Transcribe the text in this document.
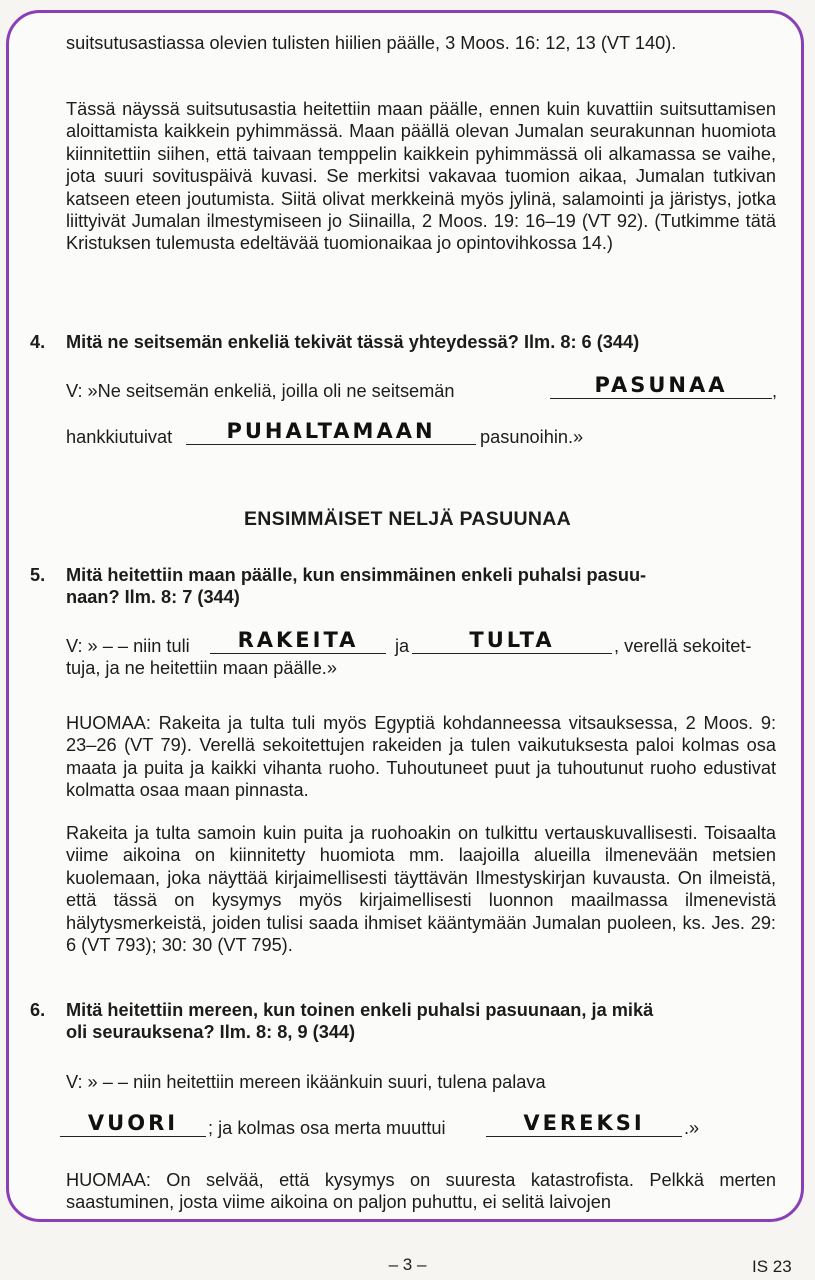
suitsutusastiassa olevien tulisten hiilien päälle, 3 Moos. 16: 12, 13 (VT 140).

Tässä näyssä suitsutusastia heitettiin maan päälle, ennen kuin kuvattiin suitsuttamisen aloittamista kaikkein pyhimmässä. Maan päällä olevan Jumalan seurakunnan huomiota kiinnitettiin siihen, että taivaan temppelin kaikkein pyhimmässä oli alkamassa se vaihe, jota suuri sovituspäivä kuvasi. Se merkitsi vakavaa tuomion aikaa, Jumalan tutkivan katseen eteen joutumista. Siitä olivat merkkeinä myös jylinä, salamointi ja järistys, jotka liittyivät Jumalan ilmestymiseen jo Siinailla, 2 Moos. 19: 16–19 (VT 92). (Tutkimme tätä Kristuksen tulemusta edeltävää tuomionaikaa jo opintovihkossa 14.)

4. Mitä ne seitsemän enkeliä tekivät tässä yhteydessä? Ilm. 8: 6 (344)
V: »Ne seitsemän enkeliä, joilla oli ne seitsemän	PASUNAA	,
hankkiutuivat	PUHALTAMAAN	pasunoihin.»
ENSIMMÄISET NELJÄ PASUUNAA
5. Mitä heitettiin maan päälle, kun ensimmäinen enkeli puhalsi pasuu-
naan? Ilm. 8: 7 (344)
V: » – – niin tuli	RAKEITA	ja	TULTA	, verellä sekoitet-
tuja, ja ne heitettiin maan päälle.»

HUOMAA: Rakeita ja tulta tuli myös Egyptiä kohdanneessa vitsauksessa, 2 Moos. 9: 23–26 (VT 79). Verellä sekoitettujen rakeiden ja tulen vaikutuksesta paloi kolmas osa maata ja puita ja kaikki vihanta ruoho. Tuhoutuneet puut ja tuhoutunut ruoho edustivat kolmatta osaa maan pinnasta.

Rakeita ja tulta samoin kuin puita ja ruohoakin on tulkittu vertauskuvallisesti. Toisaalta viime aikoina on kiinnitetty huomiota mm. laajoilla alueilla ilmenevään metsien kuolemaan, joka näyttää kirjaimellisesti täyttävän Ilmestyskirjan kuvausta. On ilmeistä, että tässä on kysymys myös kirjaimellisesti luonnon maailmassa ilmenevistä hälytysmerkeistä, joiden tulisi saada ihmiset kääntymään Jumalan puoleen, ks. Jes. 29: 6 (VT 793); 30: 30 (VT 795).

6. Mitä heitettiin mereen, kun toinen enkeli puhalsi pasuunaan, ja mikä
oli seurauksena? Ilm. 8: 8, 9 (344)
V: » – – niin heitettiin mereen ikäänkuin suuri, tulena palava
VUORI	; ja kolmas osa merta muuttui	VEREKSI	.»

HUOMAA: On selvää, että kysymys on suuresta katastrofista. Pelkkä merten saastuminen, josta viime aikoina on paljon puhuttu, ei selitä laivojen

– 3 –	IS 23
